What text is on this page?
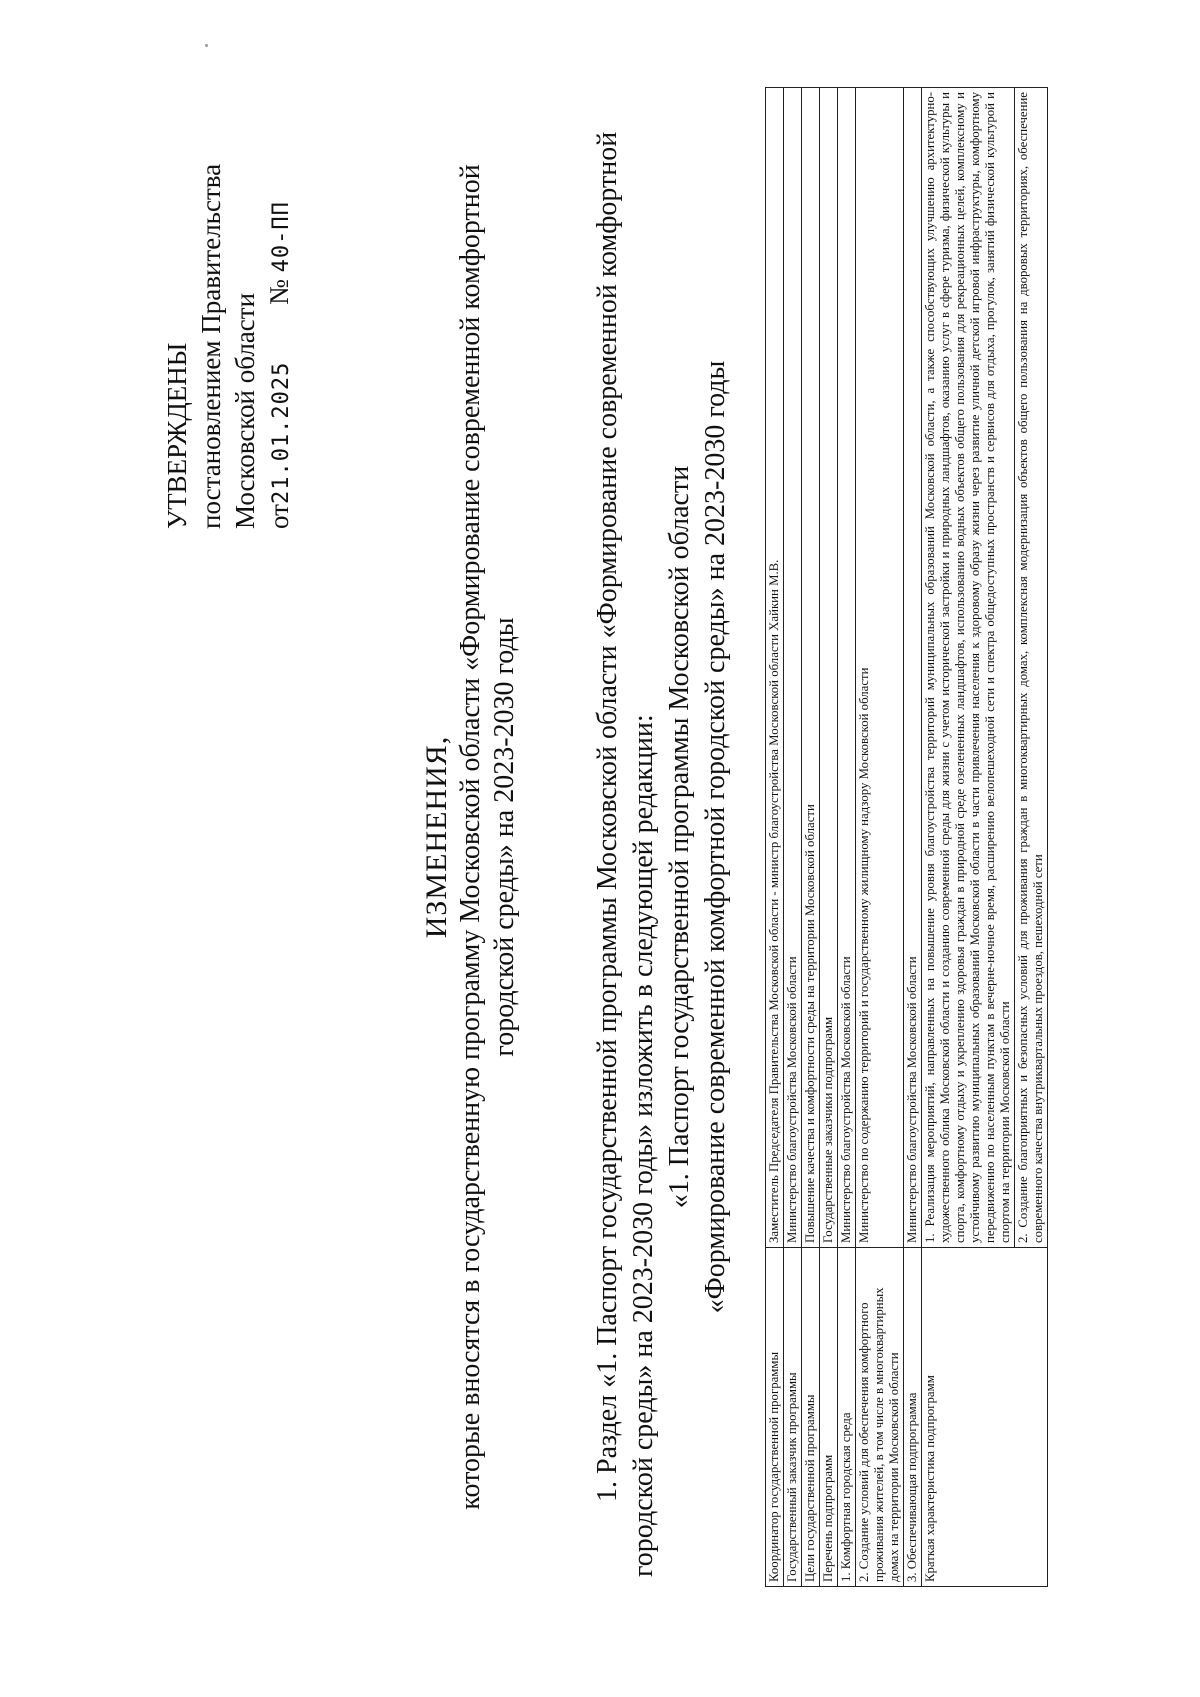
УТВЕРЖДЕНЫ постановлением Правительства Московской области от21.01.2025 № 40-ПП
ИЗМЕНЕНИЯ, которые вносятся в государственную программу Московской области «Формирование современной комфортной городской среды» на 2023-2030 годы	1. Раздел «1. Паспорт государственной программы Московской области «Формирование современной комфортной городской среды» на 2023-2030 годы» изложить в следующей редакции: «1. Паспорт государственной программы Московской области «Формирование современной комфортной городской среды» на 2023-2030 годы

Координатор государственной программы	Заместитель Председателя Правительства Московской области - министр благоустройства Московской области Хайкин М.В.
Государственный заказчик программы	Министерство благоустройства Московской области
Цели государственной программы	Повышение качества и комфортности среды на территории Московской области
Перечень подпрограмм	Государственные заказчики подпрограмм
1. Комфортная городская среда	Министерство благоустройства Московской области
2. Создание условий для обеспечения комфортного проживания жителей, в том числе в многоквартирных домах на территории Московской области	Министерство по содержанию территорий и государственному жилищному надзору Московской области
3. Обеспечивающая подпрограмма	Министерство благоустройства Московской области
Краткая характеристика подпрограмм	1. Реализация мероприятий, направленных на повышение уровня благоустройства территорий муниципальных образований Московской области, а также способствующих улучшению архитектурно-художественного облика Московской области и созданию современной среды для жизни с учетом исторической застройки и природных ландшафтов, оказанию услуг в сфере туризма, физической культуры и спорта, комфортному отдыху и укреплению здоровья граждан в природной среде озелененных ландшафтов, использованию водных объектов общего пользования для рекреационных целей, комплексному и устойчивому развитию муниципальных образований Московской области в части привлечения населения к здоровому образу жизни через развитие уличной детской игровой инфраструктуры, комфортному передвижению по населенным пунктам в вечерне-ночное время, расширению велопешеходной сети и спектра общедоступных пространств и сервисов для отдыха, прогулок, занятий физической культурой и спортом на территории Московской области
	2. Создание благоприятных и безопасных условий для проживания граждан в многоквартирных домах, комплексная модернизация объектов общего пользования на дворовых территориях, обеспечение современного качества внутриквартальных проездов, пешеходной сети
